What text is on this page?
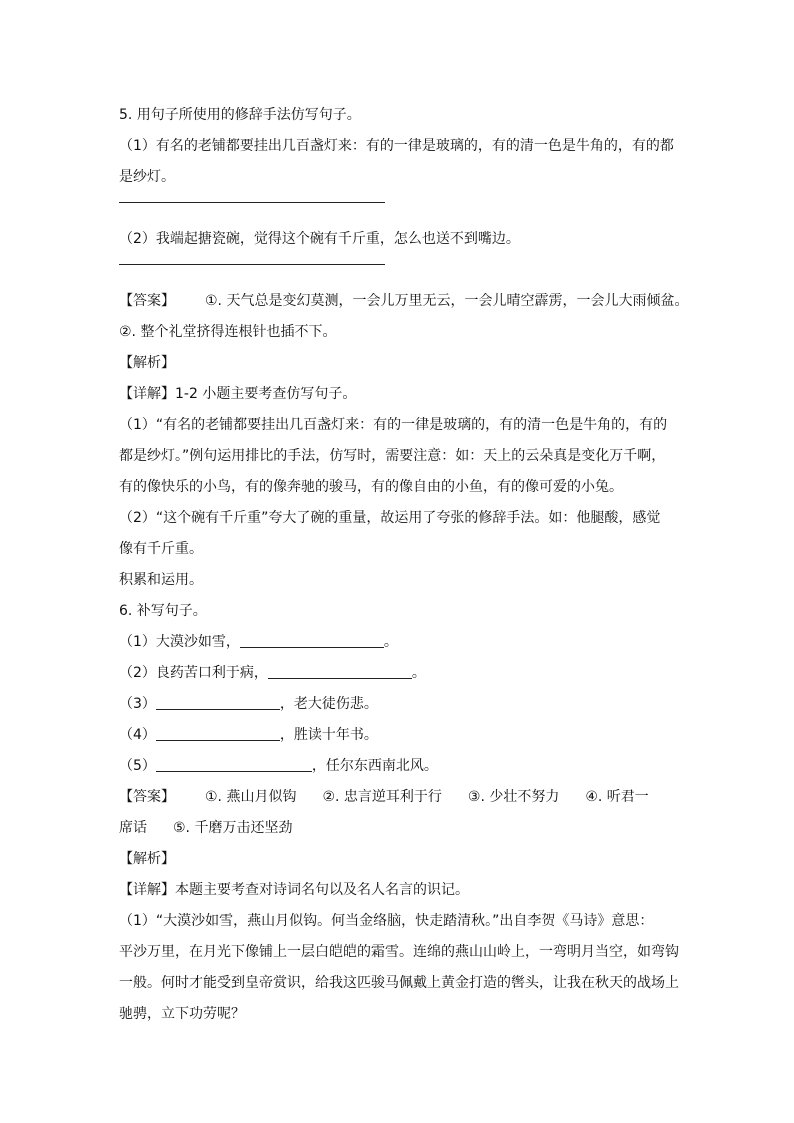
5. 用句子所使用的修辞手法仿写句子。
（1）有名的老铺都要挂出几百盏灯来：有的一律是玻璃的，有的清一色是牛角的，有的都
是纱灯。
（2）我端起搪瓷碗，觉得这个碗有千斤重，怎么也送不到嘴边。
【答案】 ①. 天气总是变幻莫测，一会儿万里无云，一会儿晴空霹雳，一会儿大雨倾盆。
②. 整个礼堂挤得连根针也插不下。
【解析】
【详解】1-2 小题主要考查仿写句子。
（1）“有名的老铺都要挂出几百盏灯来：有的一律是玻璃的，有的清一色是牛角的，有的
都是纱灯。”例句运用排比的手法，仿写时，需要注意：如：天上的云朵真是变化万千啊，
有的像快乐的小鸟，有的像奔驰的骏马，有的像自由的小鱼，有的像可爱的小兔。
（2）“这个碗有千斤重”夸大了碗的重量，故运用了夸张的修辞手法。如：他腿酸，感觉
像有千斤重。
积累和运用。
6. 补写句子。
（1）大漠沙如雪，	。
（2）良药苦口利于病，	。
（3）	，老大徒伤悲。
（4）	，胜读十年书。
（5）	，任尔东西南北风。
【答案】 ①. 燕山月似钩 ②. 忠言逆耳利于行 ③. 少壮不努力 ④. 听君一
席话 ⑤. 千磨万击还坚劲
【解析】
【详解】本题主要考查对诗词名句以及名人名言的识记。
（1）“大漠沙如雪，燕山月似钩。何当金络脑，快走踏清秋。”出自李贺《马诗》意思：
平沙万里，在月光下像铺上一层白皑皑的霜雪。连绵的燕山山岭上，一弯明月当空，如弯钩
一般。何时才能受到皇帝赏识，给我这匹骏马佩戴上黄金打造的辔头，让我在秋天的战场上
驰骋，立下功劳呢？
